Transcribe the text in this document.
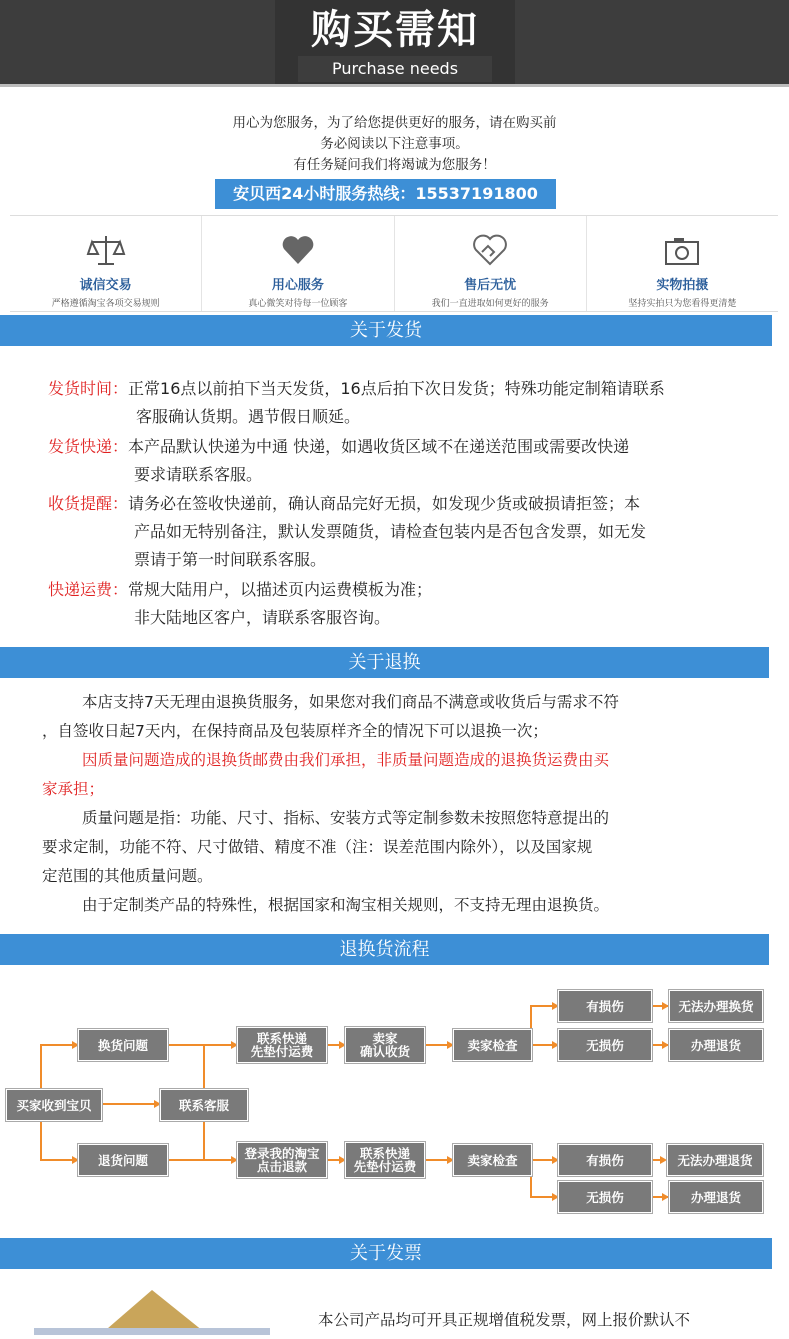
购买需知
Purchase needs
用心为您服务，为了给您提供更好的服务，请在购买前
务必阅读以下注意事项。
有任务疑问我们将竭诚为您服务！
安贝西24小时服务热线：15537191800
诚信交易
严格遵循淘宝各项交易规则
用心服务
真心微笑对待每一位顾客
售后无忧
我们一直进取如何更好的服务
实物拍摄
坚持实拍只为您看得更清楚
关于发货
发货时间：正常16点以前拍下当天发货，16点后拍下次日发货；特殊功能定制箱请联系
客服确认货期。遇节假日顺延。
发货快递：本产品默认快递为中通 快递，如遇收货区域不在递送范围或需要改快递
要求请联系客服。
收货提醒：请务必在签收快递前，确认商品完好无损，如发现少货或破损请拒签；本
产品如无特别备注，默认发票随货，请检查包装内是否包含发票，如无发
票请于第一时间联系客服。
快递运费：常规大陆用户，以描述页内运费模板为准；
非大陆地区客户，请联系客服咨询。
关于退换
本店支持7天无理由退换货服务，如果您对我们商品不满意或收货后与需求不符
，自签收日起7天内，在保持商品及包装原样齐全的情况下可以退换一次；
因质量问题造成的退换货邮费由我们承担，非质量问题造成的退换货运费由买
家承担；
质量问题是指：功能、尺寸、指标、安装方式等定制参数未按照您特意提出的
要求定制，功能不符、尺寸做错、精度不准（注：误差范围内除外），以及国家规
定范围的其他质量问题。
由于定制类产品的特殊性，根据国家和淘宝相关规则，不支持无理由退换货。
退换货流程
买家收到宝贝
换货问题
退货问题
联系客服
联系快递
先垫付运费
卖家
确认收货	卖家检查
有损伤
无损伤
无法办理换货
办理退货
登录我的淘宝
点击退款
联系快递
先垫付运费	卖家检查	有损伤
无损伤
无法办理退货
办理退货
关于发票
本公司产品均可开具正规增值税发票，网上报价默认不
